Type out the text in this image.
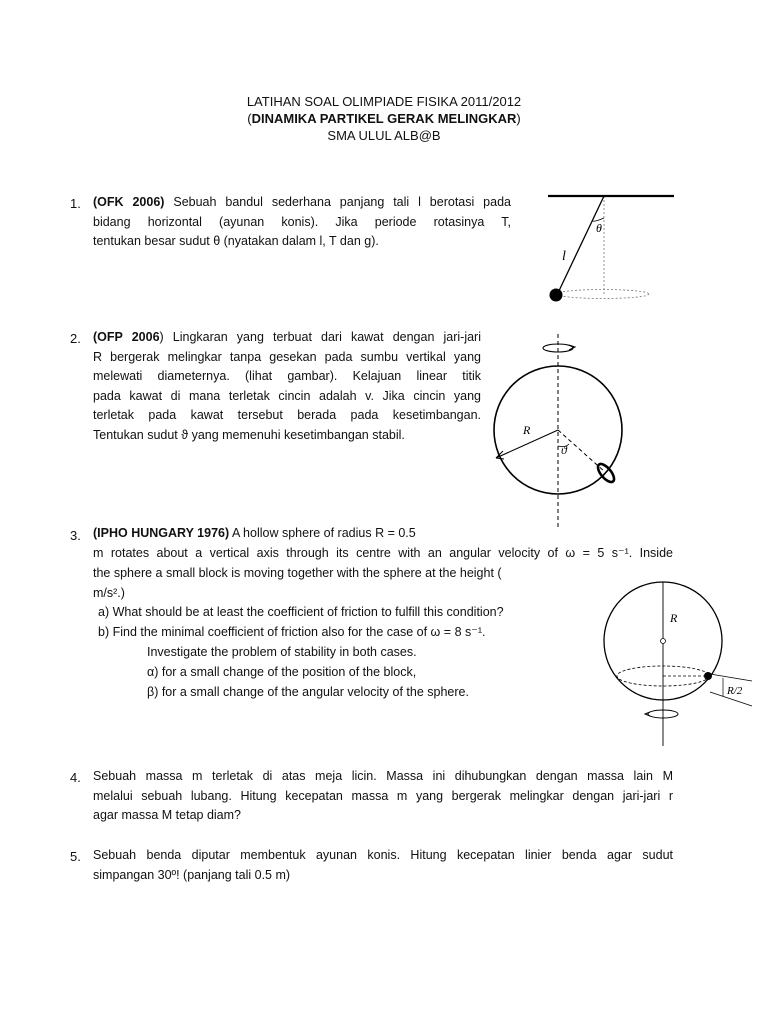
LATIHAN SOAL OLIMPIADE FISIKA 2011/2012
(DINAMIKA PARTIKEL GERAK MELINGKAR)
SMA ULUL ALB@B
1. (OFK 2006) Sebuah bandul sederhana panjang tali l berotasi pada
bidang horizontal (ayunan konis). Jika periode rotasinya T,
tentukan besar sudut θ (nyatakan dalam l, T dan g).
θ
l
2. (OFP 2006) Lingkaran yang terbuat dari kawat dengan jari-jari
R bergerak melingkar tanpa gesekan pada sumbu vertikal yang
melewati diameternya. (lihat gambar). Kelajuan linear titik
pada kawat di mana terletak cincin adalah v. Jika cincin yang
terletak pada kawat tersebut berada pada kesetimbangan.
Tentukan sudut ϑ yang memenuhi kesetimbangan stabil.	R
ϑ
3. (IPHO HUNGARY 1976) A hollow sphere of radius R = 0.5
m rotates about a vertical axis through its centre with an angular velocity of ω = 5 s⁻¹. Inside
the sphere a small block is moving together with the sphere at the height (
m/s².)
a) What should be at least the coefficient of friction to fulfill this condition?
b) Find the minimal coefficient of friction also for the case of ω = 8 s⁻¹.
Investigate the problem of stability in both cases.
α) for a small change of the position of the block,
β) for a small change of the angular velocity of the sphere.
R
R/2
4. Sebuah massa m terletak di atas meja licin. Massa ini dihubungkan dengan massa lain M
melalui sebuah lubang. Hitung kecepatan massa m yang bergerak melingkar dengan jari-jari r
agar massa M tetap diam?
5. Sebuah benda diputar membentuk ayunan konis. Hitung kecepatan linier benda agar sudut
simpangan 30º! (panjang tali 0.5 m)
